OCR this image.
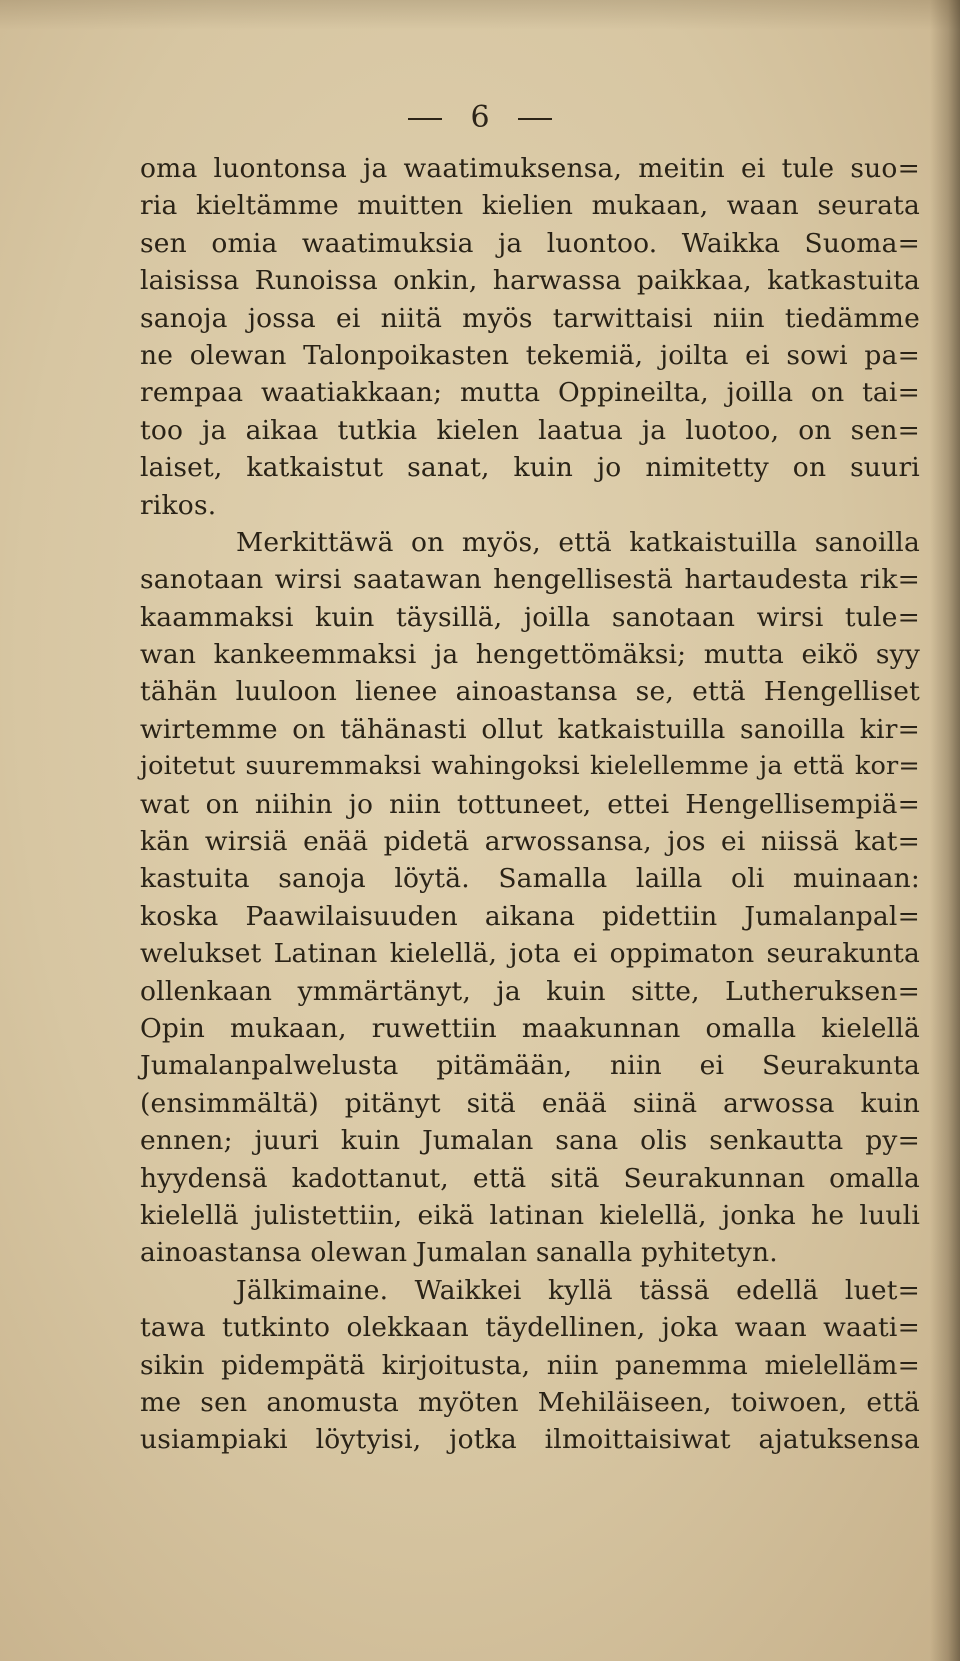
6
oma luontonsa ja waatimuksensa, meitin ei tule suo=
ria kieltämme muitten kielien mukaan, waan seurata
sen omia waatimuksia ja luontoo. Waikka Suoma=
laisissa Runoissa onkin, harwassa paikkaa, katkastuita
sanoja jossa ei niitä myös tarwittaisi niin tiedämme
ne olewan Talonpoikasten tekemiä, joilta ei sowi pa=
rempaa waatiakkaan; mutta Oppineilta, joilla on tai=
too ja aikaa tutkia kielen laatua ja luotoo, on sen=
laiset, katkaistut sanat, kuin jo nimitetty on suuri
rikos.
Merkittäwä on myös, että katkaistuilla sanoilla
sanotaan wirsi saatawan hengellisestä hartaudesta rik=
kaammaksi kuin täysillä, joilla sanotaan wirsi tule=
wan kankeemmaksi ja hengettömäksi; mutta eikö syy
tähän luuloon lienee ainoastansa se, että Hengelliset
wirtemme on tähänasti ollut katkaistuilla sanoilla kir=
joitetut suuremmaksi wahingoksi kielellemme ja että kor=
wat on niihin jo niin tottuneet, ettei Hengellisempiä=
kän wirsiä enää pidetä arwossansa, jos ei niissä kat=
kastuita sanoja löytä. Samalla lailla oli muinaan:
koska Paawilaisuuden aikana pidettiin Jumalanpal=
welukset Latinan kielellä, jota ei oppimaton seurakunta
ollenkaan ymmärtänyt, ja kuin sitte, Lutheruksen=
Opin mukaan, ruwettiin maakunnan omalla kielellä
Jumalanpalwelusta pitämään, niin ei Seurakunta
(ensimmältä) pitänyt sitä enää siinä arwossa kuin
ennen; juuri kuin Jumalan sana olis senkautta py=
hyydensä kadottanut, että sitä Seurakunnan omalla
kielellä julistettiin, eikä latinan kielellä, jonka he luuli
ainoastansa olewan Jumalan sanalla pyhitetyn.
Jälkimaine. Waikkei kyllä tässä edellä luet=
tawa tutkinto olekkaan täydellinen, joka waan waati=
sikin pidempätä kirjoitusta, niin panemma mielelläm=
me sen anomusta myöten Mehiläiseen, toiwoen, että
usiampiaki löytyisi, jotka ilmoittaisiwat ajatuksensa
